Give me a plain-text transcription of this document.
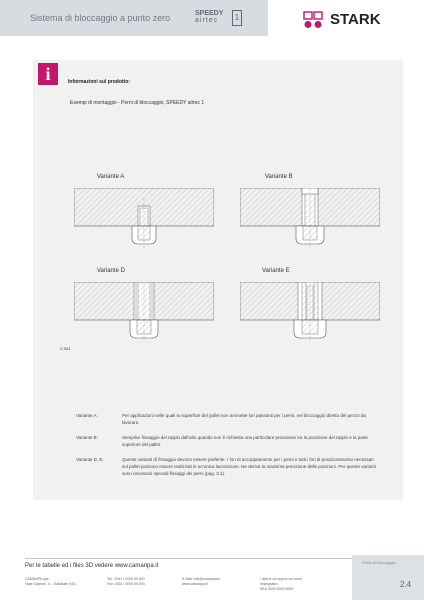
Sistema di bloccaggio a punto zero	SPEEDY
airtec	1	STARK
i	Informazioni sul prodotto:
Esempi di montaggio - Perni di bloccaggio, SPEEDY airtec 1
Variante A	Variante B
Variante D	Variante E
Z-001
Variante A:	Per applicazioni nelle quali la superficie del pallet non ammette fori passanti per i perni, nel bloccaggio diretto del pezzo da lavorare.
Variante B:	Semplice fissaggio del nipplo dall'alto quando non è richiesta una particolare precisione tra la posizione del nipplo e la parte superiore del pallet.
Variante D, E:	Queste varianti di fissaggio devono essere preferite. I fori di accoppiamento per i perni e tutti i fori di posizionamento necessari sul pallet possono essere realizzati in un'unica lavorazione. Ne deriva la massima precisione delle posizioni. Per queste varianti sono necessari speciali fissaggi dei perni (pag. 3.1).
Per le tabelle ed i files 3D vedere www.camanpa.it
CAMANPA spa
Viale Caproni, 4 – Gallarate (VA)
Tel.: 0331 / 0000 00 000
Fax: 0331 / 0000 00 000
E-Mail: info@camanpa.it
www.camanpa.it
I dati di cui sopra non sono
impegnativi
REA 0000 0000 0000
Perni di bloccaggio
2.4
